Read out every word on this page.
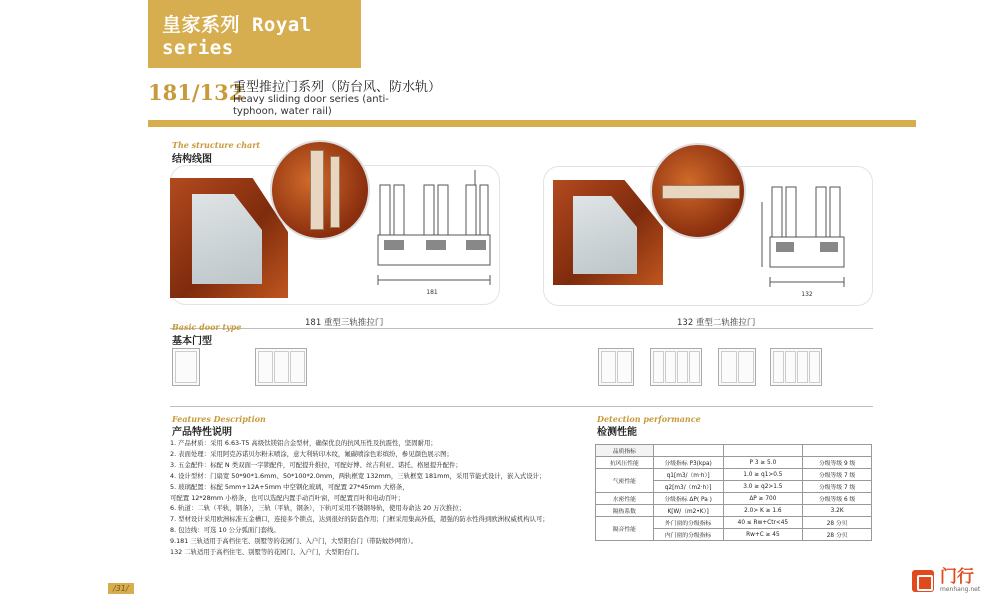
皇家系列 Royal series
181/132
重型推拉门系列（防台风、防水轨）
Heavy sliding door series (anti-typhoon, water rail)
The structure chart
结构线图
181
181 重型三轨推拉门
132
132 重型二轨推拉门
Basic door type
基本门型
Features Description
产品特性说明
1. 产品材质：采用 6.63-T5 高级钛镁铝合金型材，确保优良的抗风压性及抗震性，坚固耐用；
2. 表面处理：采用阿克苏诺贝尔粉末喷涂，意大利转印木纹，氟碳喷涂色彩缤纷，参见颜色展示图；
3. 五金配件：标配 N 类双面一字锁配件，可配提升推拉，可配好博、丝吉利亚、诺托、格屋提升配件；
4. 设计型材：门扇宽 50*90*1.6mm、50*100*2.0mm，两轨框宽 132mm，三轨框宽 181mm，采用节能式设计，嵌入式设计；
5. 玻璃配置：标配 5mm+12A+5mm 中空钢化玻璃，可配置 27*45mm 大格条，
可配置 12*28mm 小格条，也可以选配内置手动百叶窗，可配置百叶和电动百叶；
6. 轨道：二轨（平轨，钢条），三轨（平轨，钢条），下轨可采用不锈钢导轨，使用寿命达 20 万次推拉；
7. 型材设计采用欧洲标准五金槽口，连接多个锁点，达到很好的防盗作用；门框采用集高外低，超强的防水性得到欧洲权威机构认可；
8. 包边线：可选 10 公分弧面门套线。
9.181 三轨适用于高档住宅、别墅等的花园门、入户门，大型阳台门（带防蚊纱网帘）。
132 二轨适用于高档住宅、别墅等的花园门、入户门，大型阳台门。
Detection performance
检测性能
品质指标			
抗风压性能	分级指标 P3(kpa)	P 3 ≥ 5.0	分级等级 9 级
气密性能	q1[m3/（m·h）]	1.0 ≥ q1>0.5	分级等级 7 级
	q2[m3/（m2·h）]	3.0 ≥ q2>1.5	分级等级 7 级
水密性能	分级指标 ΔP( Pa )	ΔP ≥ 700	分级等级 6 级
隔热系数	K[W/（m2•K）]	2.0> K ≥ 1.6	3.2K
隔音性能	外门窗的分级指标	40 ≤ Rw+Ctr<45	28 分贝
	内门窗的分级指标	Rw+C ≥ 45	28 分贝
/31/
门行
menhang.net
